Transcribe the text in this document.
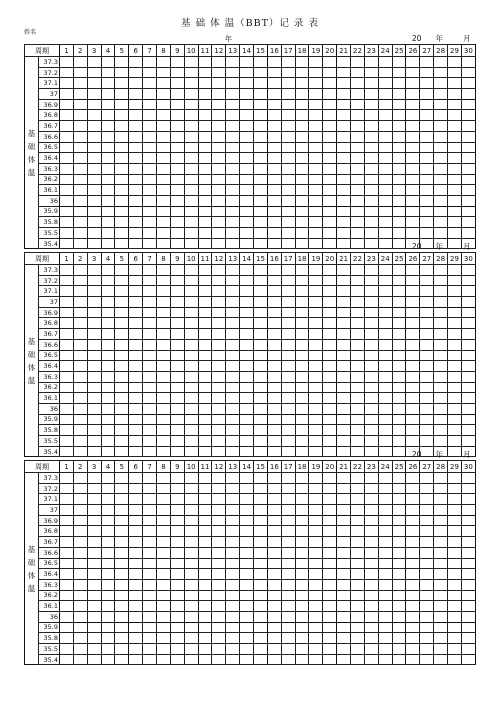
基 础 体 温（BBT）记 录 表
姓名
年	20 年	月
周期		1	2	3	4	5	6	7	8	9	10	11	12	13	14	15	16	17	18	19	20	21	22	23	24	25	26	27	28	29	30

基
础
体
温	37.3																														
	37.2																														
	37.1																														
	37																														
	36.9																														
	36.8																														
	36.7																														
	36.6																														
	36.5																														
	36.4																														
	36.3																														
	36.2																														
	36.1																														
	36																														
	35.9																														
	35.8																														
	35.5																														
	35.4																															20 年	月
周期		1	2	3	4	5	6	7	8	9	10	11	12	13	14	15	16	17	18	19	20	21	22	23	24	25	26	27	28	29	30

基
础
体
温	37.3																														
	37.2																														
	37.1																														
	37																														
	36.9																														
	36.8																														
	36.7																														
	36.6																														
	36.5																														
	36.4																														
	36.3																														
	36.2																														
	36.1																														
	36																														
	35.9																														
	35.8																														
	35.5																														
	35.4																															20 年	月
周期		1	2	3	4	5	6	7	8	9	10	11	12	13	14	15	16	17	18	19	20	21	22	23	24	25	26	27	28	29	30

基
础
体
温	37.3																														
	37.2																														
	37.1																														
	37																														
	36.9																														
	36.8																														
	36.7																														
	36.6																														
	36.5																														
	36.4																														
	36.3																														
	36.2																														
	36.1																														
	36																														
	35.9																														
	35.8																														
	35.5																														
	35.4																														
